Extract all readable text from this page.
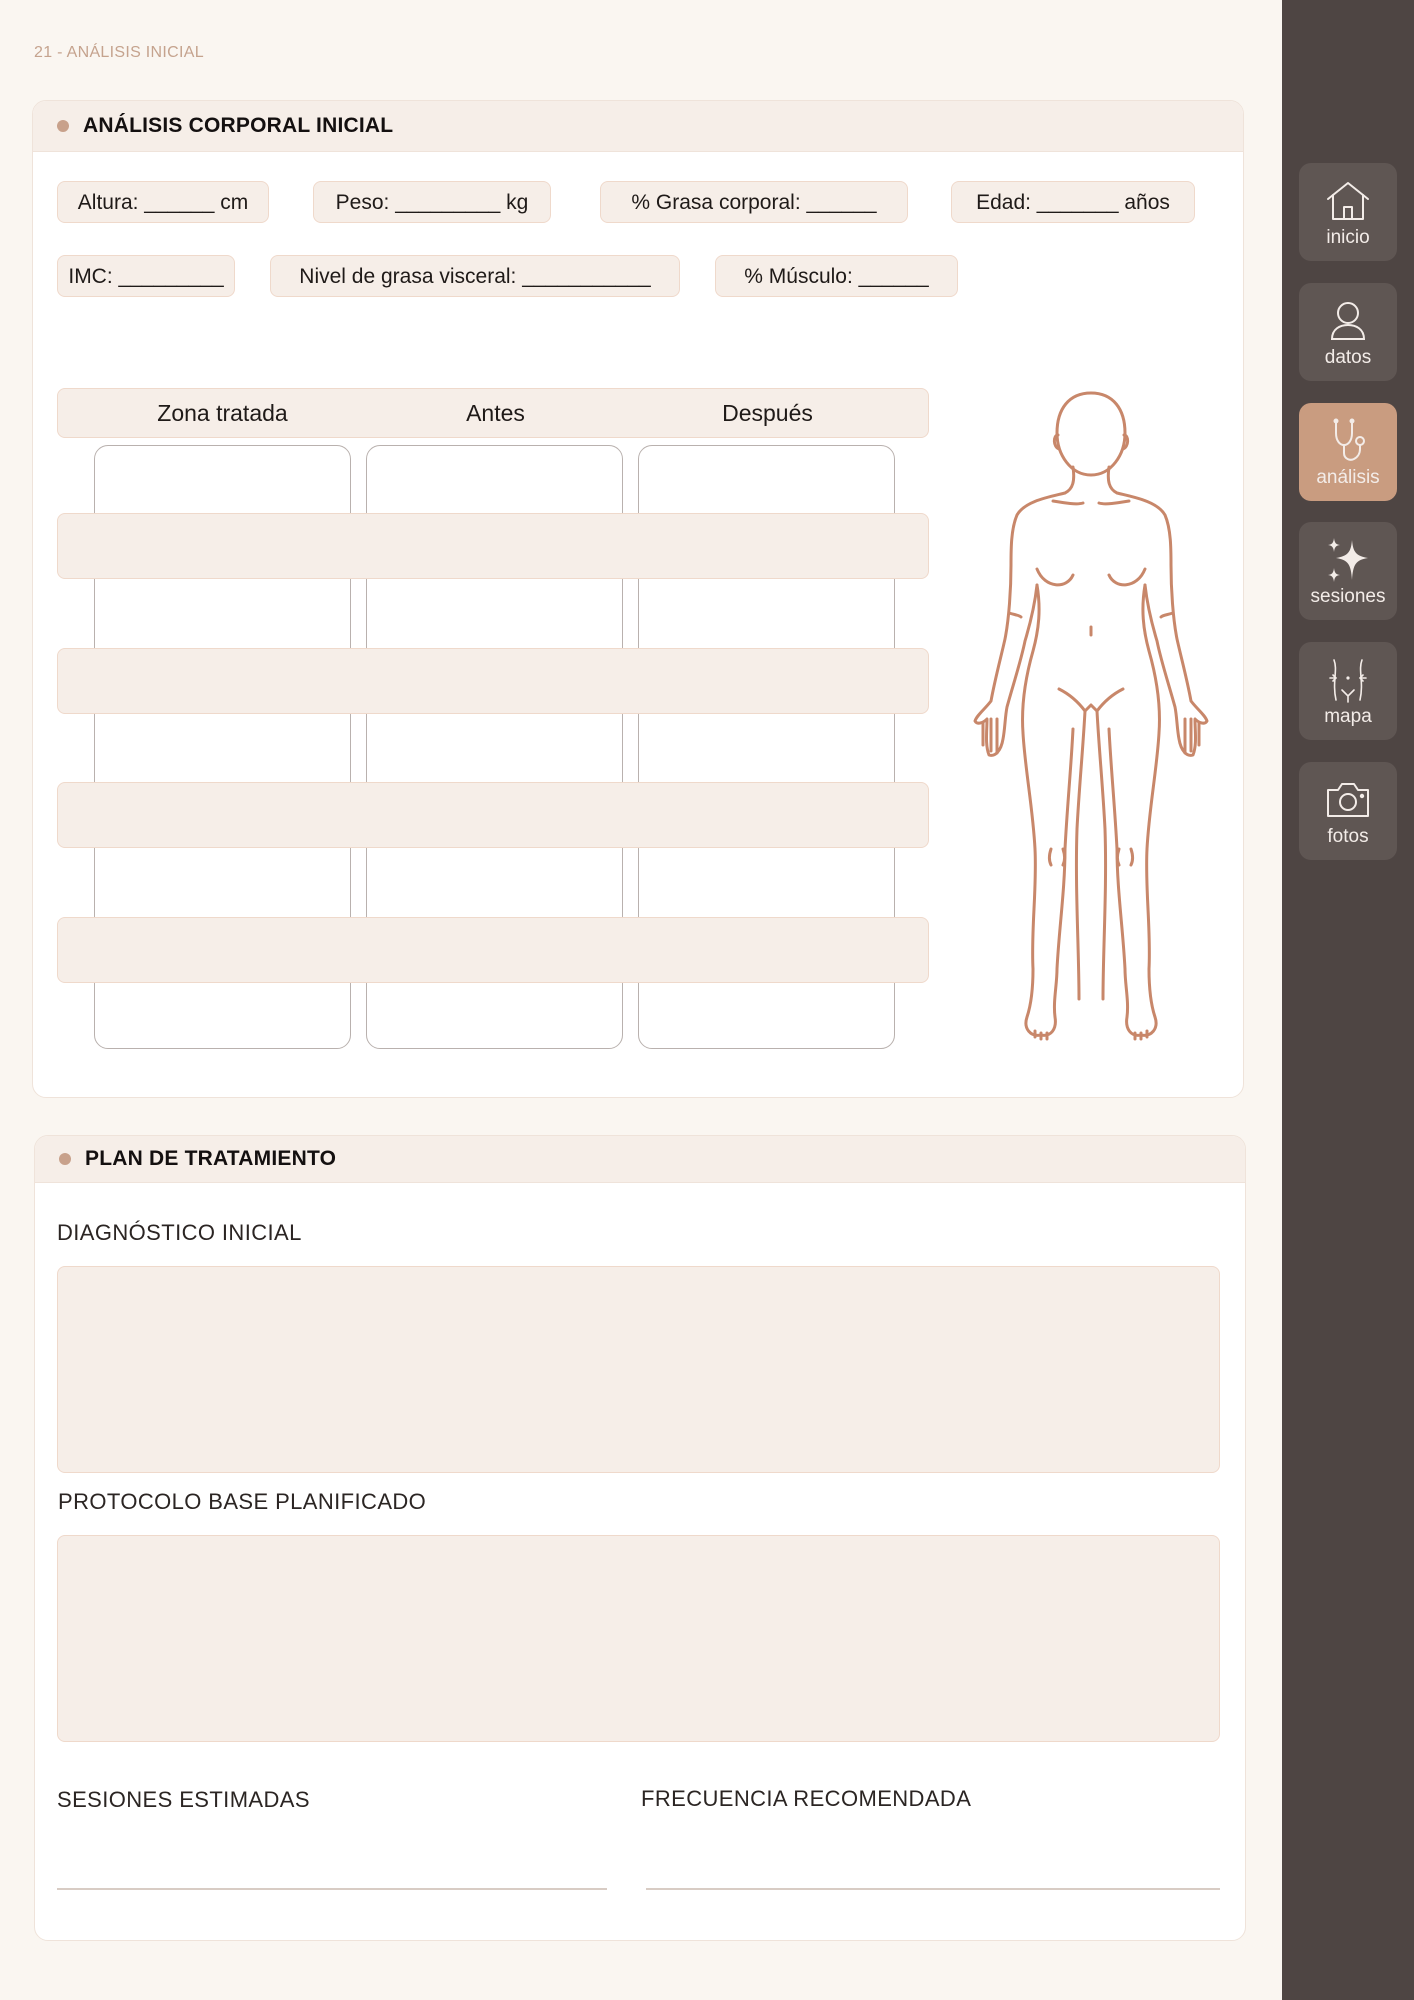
21 - ANÁLISIS INICIAL
ANÁLISIS CORPORAL INICIAL
Altura: ______ cm	Peso: _________ kg	% Grasa corporal: ______	Edad: _______ años
IMC: _________	Nivel de grasa visceral: ___________	% Músculo: ______
Zona tratada	Antes	Después
PLAN DE TRATAMIENTO
DIAGNÓSTICO INICIAL
PROTOCOLO BASE PLANIFICADO
SESIONES ESTIMADAS	FRECUENCIA RECOMENDADA
inicio
datos
análisis
sesiones
mapa
fotos
